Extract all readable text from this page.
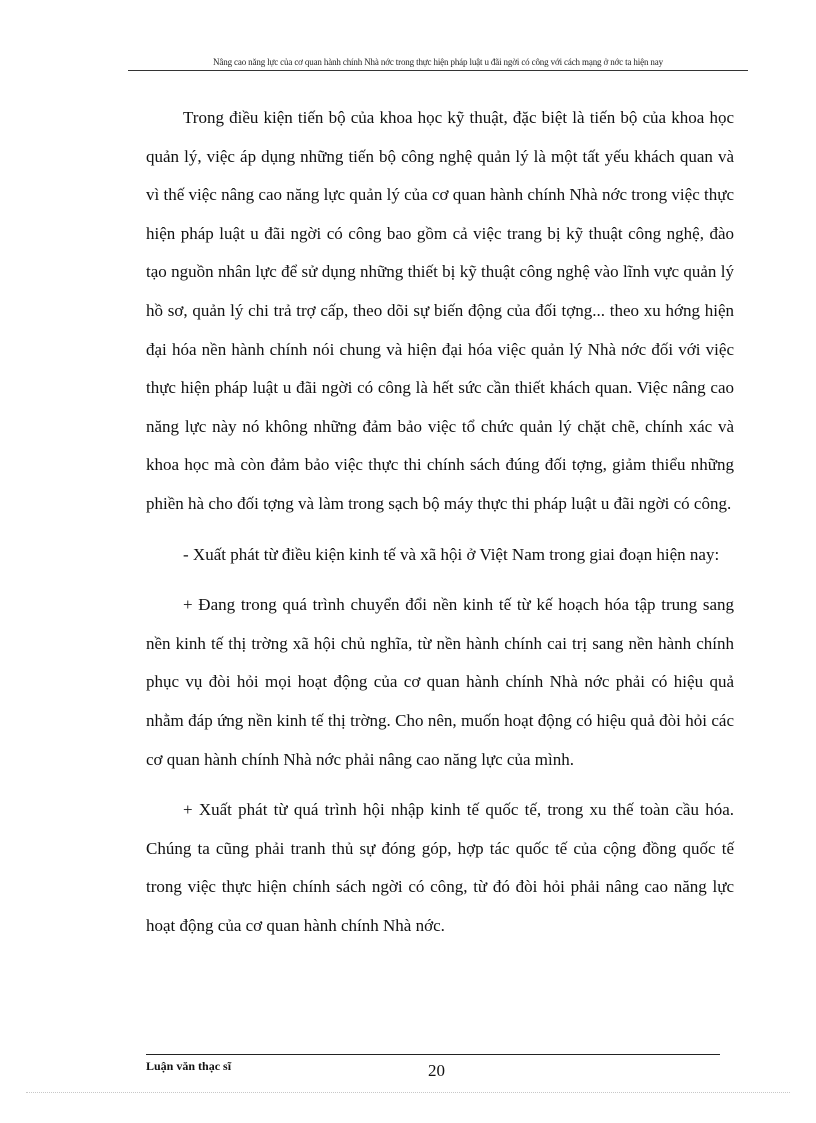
Nâng cao năng lực của cơ quan hành chính Nhà nớc trong thực hiện pháp luật u đãi ngời có công với cách mạng ở nớc ta hiện nay

Trong điều kiện tiến bộ của khoa học kỹ thuật, đặc biệt là tiến bộ của khoa học quản lý, việc áp dụng những tiến bộ công nghệ quản lý là một tất yếu khách quan và vì thế việc nâng cao năng lực quản lý của cơ quan hành chính Nhà nớc trong việc thực hiện pháp luật u đãi ngời có công bao gồm cả việc trang bị kỹ thuật công nghệ, đào tạo nguồn nhân lực để sử dụng những thiết bị kỹ thuật công nghệ vào lĩnh vực quản lý hồ sơ, quản lý chi trả trợ cấp, theo dõi sự biến động của đối tợng... theo xu hớng hiện đại hóa nền hành chính nói chung và hiện đại hóa việc quản lý Nhà nớc đối với việc thực hiện pháp luật u đãi ngời có công là hết sức cần thiết khách quan. Việc nâng cao năng lực này nó không những đảm bảo việc tổ chức quản lý chặt chẽ, chính xác và khoa học mà còn đảm bảo việc thực thi chính sách đúng đối tợng, giảm thiểu những phiền hà cho đối tợng và làm trong sạch bộ máy thực thi pháp luật u đãi ngời có công.

- Xuất phát từ điều kiện kinh tế và xã hội ở Việt Nam trong giai đoạn hiện nay:

+ Đang trong quá trình chuyển đổi nền kinh tế từ kế hoạch hóa tập trung sang nền kinh tế thị trờng xã hội chủ nghĩa, từ nền hành chính cai trị sang nền hành chính phục vụ đòi hỏi mọi hoạt động của cơ quan hành chính Nhà nớc phải có hiệu quả nhằm đáp ứng nền kinh tế thị trờng. Cho nên, muốn hoạt động có hiệu quả đòi hỏi các cơ quan hành chính Nhà nớc phải nâng cao năng lực của mình.

+ Xuất phát từ quá trình hội nhập kinh tế quốc tế, trong xu thế toàn cầu hóa. Chúng ta cũng phải tranh thủ sự đóng góp, hợp tác quốc tế của cộng đồng quốc tế trong việc thực hiện chính sách ngời có công, từ đó đòi hỏi phải nâng cao năng lực hoạt động của cơ quan hành chính Nhà nớc.

Luận văn thạc sĩ	20
